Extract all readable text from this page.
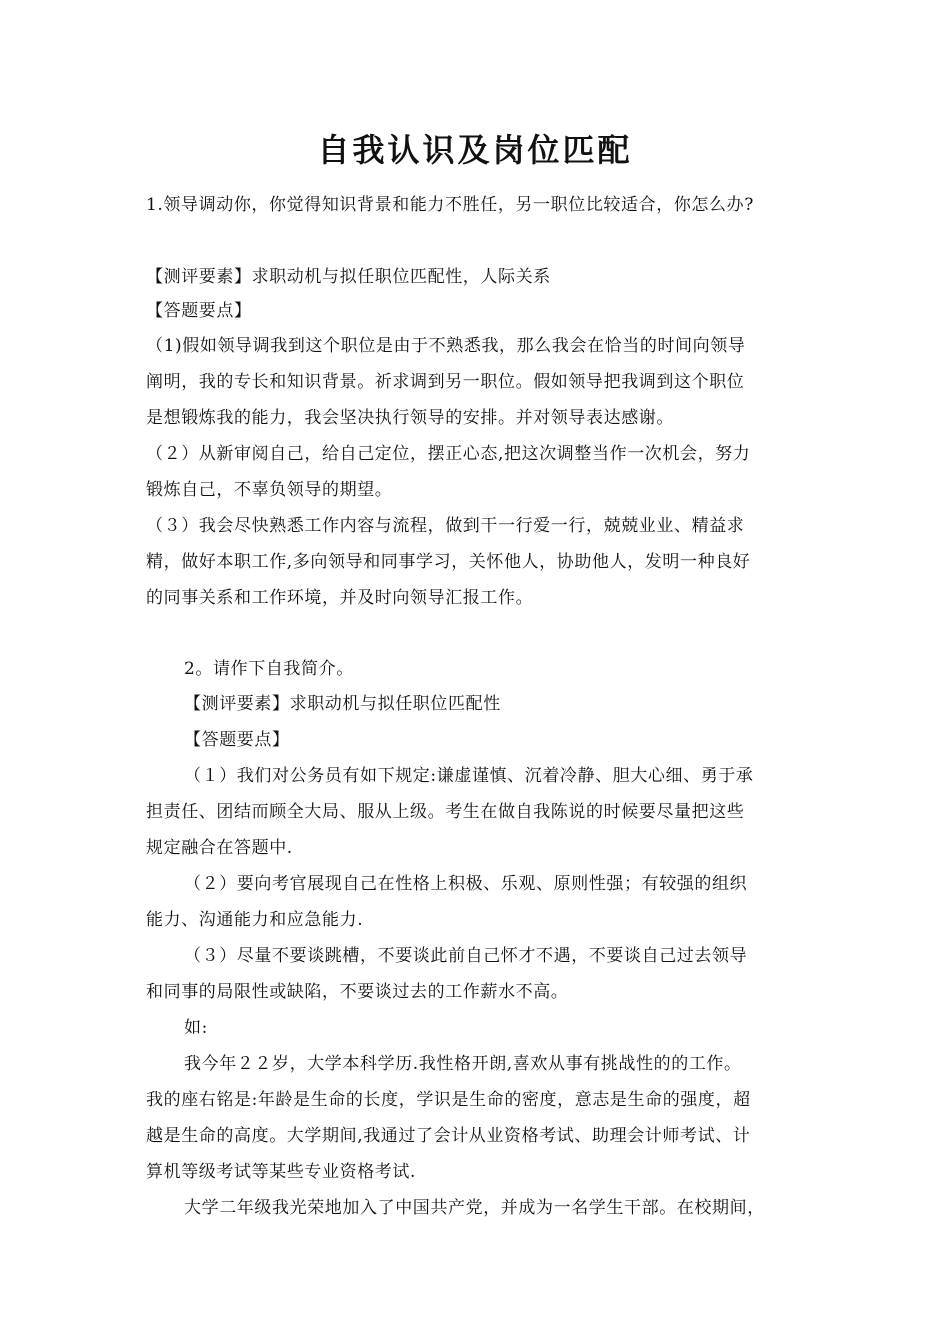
自我认识及岗位匹配
1.领导调动你，你觉得知识背景和能力不胜任，另一职位比较适合，你怎么办?
【测评要素】求职动机与拟任职位匹配性，人际关系
【答题要点】
（1)假如领导调我到这个职位是由于不熟悉我，那么我会在恰当的时间向领导
阐明，我的专长和知识背景。祈求调到另一职位。假如领导把我调到这个职位
是想锻炼我的能力，我会坚决执行领导的安排。并对领导表达感谢。
（２）从新审阅自己，给自己定位，摆正心态,把这次调整当作一次机会，努力
锻炼自己，不辜负领导的期望。
（３）我会尽快熟悉工作内容与流程，做到干一行爱一行，兢兢业业、精益求
精，做好本职工作,多向领导和同事学习，关怀他人，协助他人，发明一种良好
的同事关系和工作环境，并及时向领导汇报工作。
2。请作下自我简介。
【测评要素】求职动机与拟任职位匹配性
【答题要点】
（１）我们对公务员有如下规定:谦虚谨慎、沉着冷静、胆大心细、勇于承
担责任、团结而顾全大局、服从上级。考生在做自我陈说的时候要尽量把这些
规定融合在答题中.
（２）要向考官展现自己在性格上积极、乐观、原则性强；有较强的组织
能力、沟通能力和应急能力.
（３）尽量不要谈跳槽，不要谈此前自己怀才不遇，不要谈自己过去领导
和同事的局限性或缺陷，不要谈过去的工作薪水不高。
如:
我今年２２岁，大学本科学历.我性格开朗,喜欢从事有挑战性的的工作。
我的座右铭是:年龄是生命的长度，学识是生命的密度，意志是生命的强度，超
越是生命的高度。大学期间,我通过了会计从业资格考试、助理会计师考试、计
算机等级考试等某些专业资格考试.
大学二年级我光荣地加入了中国共产党，并成为一名学生干部。在校期间，
